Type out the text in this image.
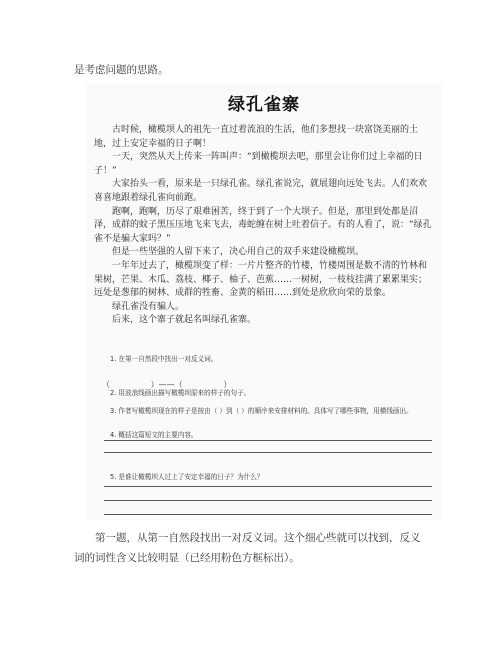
是考虑问题的思路。
绿孔雀寨

古时候，橄榄坝人的祖先一直过着流浪的生活，他们多想找一块富饶美丽的土地，过上安定幸福的日子啊！

一天，突然从天上传来一阵叫声：“到橄榄坝去吧，那里会让你们过上幸福的日子！”

大家抬头一看，原来是一只绿孔雀。绿孔雀说完，就展翅向远处飞去。人们欢欢喜喜地跟着绿孔雀向前跑。

跑啊，跑啊，历尽了艰难困苦，终于到了一个大坝子。但是，那里到处都是沼泽，成群的蚊子黑压压地飞来飞去，毒蛇缠在树上吐着信子。有的人看了，说：“绿孔雀不是骗大家吗？”

但是一些坚强的人留下来了，决心用自己的双手来建设橄榄坝。

一年年过去了，橄榄坝变了样：一片片整齐的竹楼，竹楼周围是数不清的竹林和果树，芒果、木瓜、荔枝、椰子、柚子、芭蕉……一树树，一枝枝挂满了累累果实；远处是葱郁的树林、成群的牲畜、金黄的稻田……到处是欣欣向荣的景象。

绿孔雀没有骗人。

后来，这个寨子就起名叫绿孔雀寨。

1. 在第一自然段中找出一对反义词。
2. 用波浪线画出描写橄榄坝原来的样子的句子。
3. 作者写橄榄坝现在的样子是按由（ ）到（ ）的顺序来安排材料的。具体写了哪些事物，用横线画出。
4. 概括这篇短文的主要内容。
5. 是谁让橄榄坝人过上了安定幸福的日子？为什么？
（                ）——（                ）
第一题，从第一自然段找出一对反义词。这个细心些就可以找到，反义词的词性含义比较明显（已经用粉色方框标出）。
